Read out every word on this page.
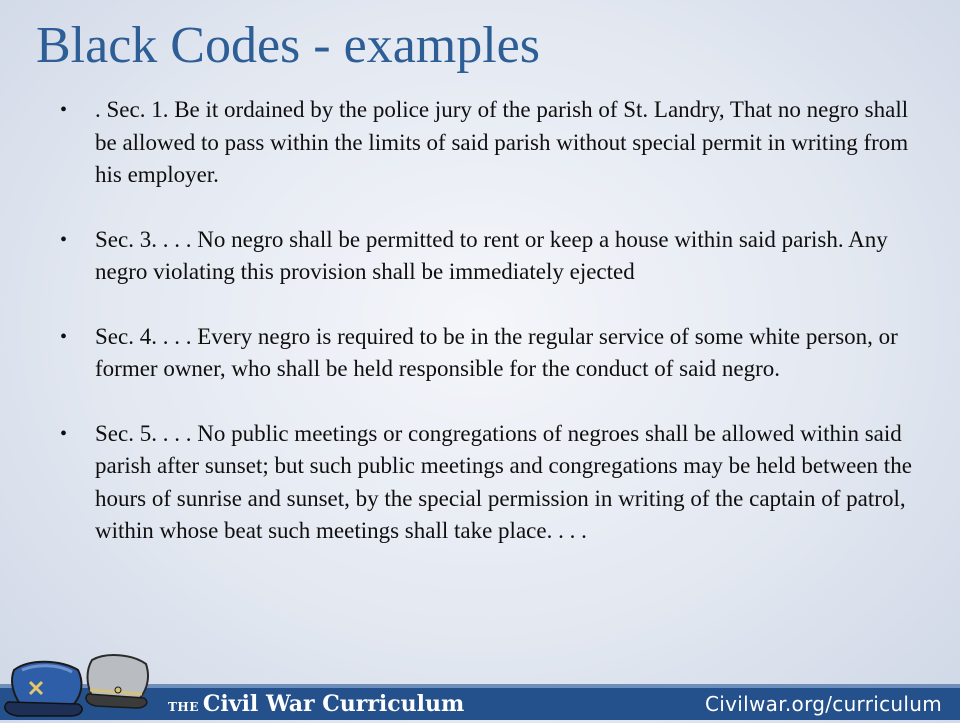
Black Codes - examples
• . Sec. 1. Be it ordained by the police jury of the parish of St. Landry, That no negro shall be allowed to pass within the limits of said parish without special permit in writing from his employer.
• Sec. 3. . . . No negro shall be permitted to rent or keep a house within said parish. Any negro violating this provision shall be immediately ejected
• Sec. 4. . . . Every negro is required to be in the regular service of some white person, or former owner, who shall be held responsible for the conduct of said negro.
• Sec. 5. . . . No public meetings or congregations of negroes shall be allowed within said parish after sunset; but such public meetings and congregations may be held between the hours of sunrise and sunset, by the special permission in writing of the captain of patrol, within whose beat such meetings shall take place. . . .
THE Civil War Curriculum	Civilwar.org/curriculum
